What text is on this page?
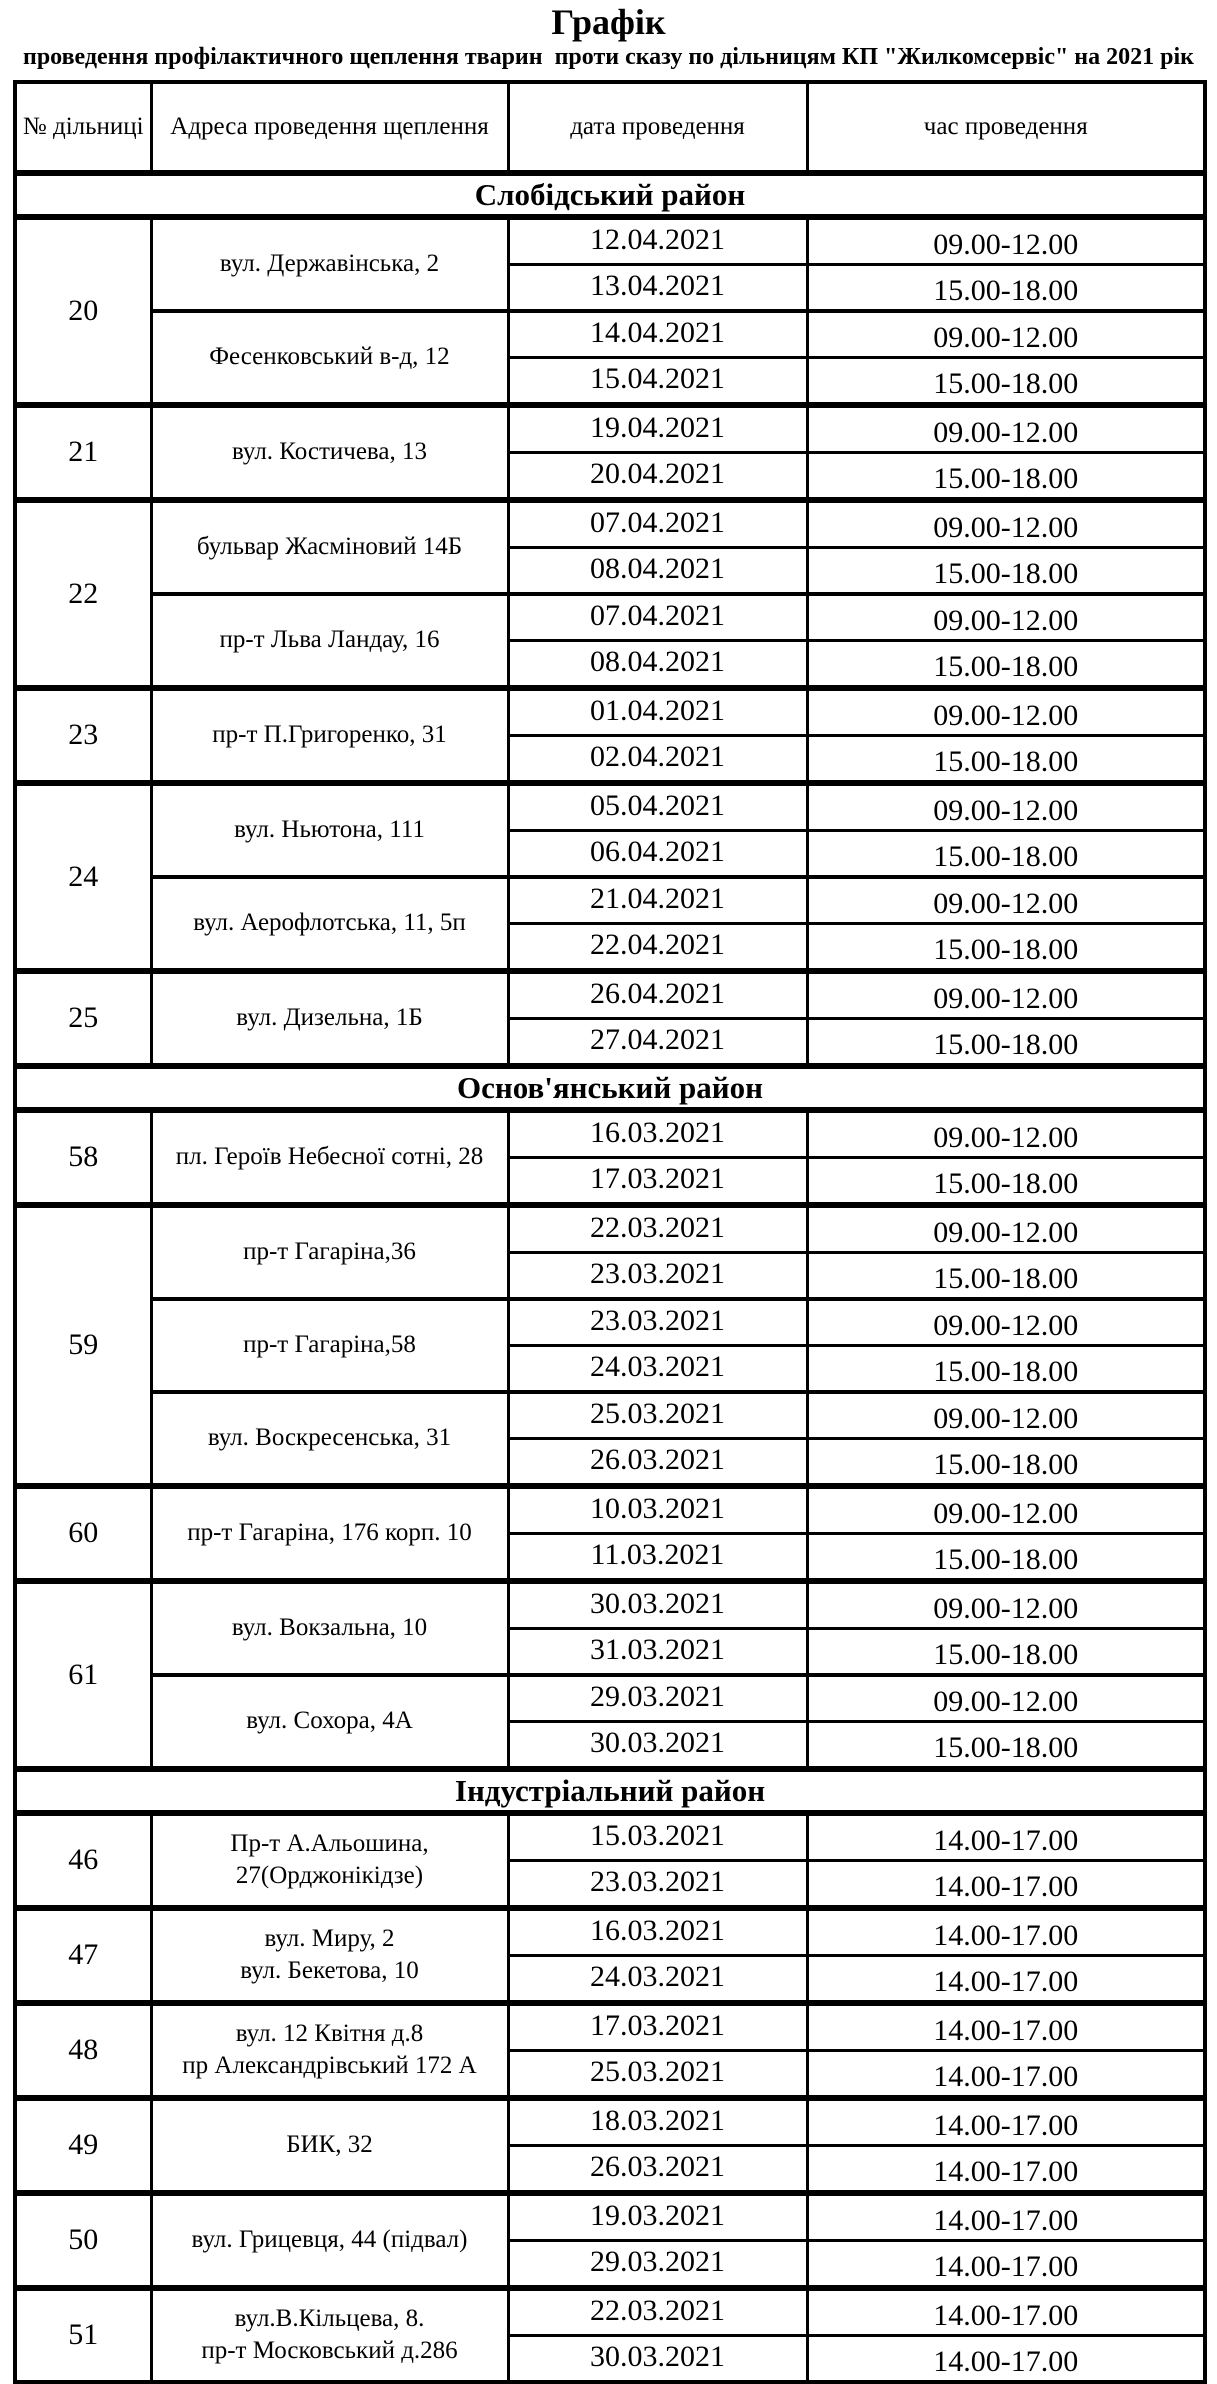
Графік
проведення профілактичного щеплення тварин  проти сказу по дільницям КП "Жилкомсервіс" на 2021 рік
№ дільниці	Адреса проведення щеплення	дата проведення	час проведення
Слобідський район			
20	вул. Державінська, 2	12.04.2021	09.00-12.00
		13.04.2021	15.00-18.00
	Фесенковський в-д, 12	14.04.2021	09.00-12.00
		15.04.2021	15.00-18.00
21	вул. Костичева, 13	19.04.2021	09.00-12.00
		20.04.2021	15.00-18.00
22	бульвар Жасміновий 14Б	07.04.2021	09.00-12.00
		08.04.2021	15.00-18.00
	пр-т Льва Ландау, 16	07.04.2021	09.00-12.00
		08.04.2021	15.00-18.00
23	пр-т П.Григоренко, 31	01.04.2021	09.00-12.00
		02.04.2021	15.00-18.00
24	вул. Ньютона, 111	05.04.2021	09.00-12.00
		06.04.2021	15.00-18.00
	вул. Аерофлотська, 11, 5п	21.04.2021	09.00-12.00
		22.04.2021	15.00-18.00
25	вул. Дизельна, 1Б	26.04.2021	09.00-12.00
		27.04.2021	15.00-18.00
Основ'янський район			
58	пл. Героїв Небесної сотні, 28	16.03.2021	09.00-12.00
		17.03.2021	15.00-18.00
59	пр-т Гагаріна,36	22.03.2021	09.00-12.00
		23.03.2021	15.00-18.00
	пр-т Гагаріна,58	23.03.2021	09.00-12.00
		24.03.2021	15.00-18.00
	вул. Воскресенська, 31	25.03.2021	09.00-12.00
		26.03.2021	15.00-18.00
60	пр-т Гагаріна, 176 корп. 10	10.03.2021	09.00-12.00
		11.03.2021	15.00-18.00
61	вул. Вокзальна, 10	30.03.2021	09.00-12.00
		31.03.2021	15.00-18.00
	вул. Сохора, 4А	29.03.2021	09.00-12.00
		30.03.2021	15.00-18.00
Індустріальний район			
46	Пр-т А.Альошина,
27(Орджонікідзе)	15.03.2021	14.00-17.00
		23.03.2021	14.00-17.00
47	вул. Миру, 2
вул. Бекетова, 10	16.03.2021	14.00-17.00
		24.03.2021	14.00-17.00
48	вул. 12 Квітня д.8
пр Александрівський 172 А	17.03.2021	14.00-17.00
		25.03.2021	14.00-17.00
49	БИК, 32	18.03.2021	14.00-17.00
		26.03.2021	14.00-17.00
50	вул. Грицевця, 44 (підвал)	19.03.2021	14.00-17.00
		29.03.2021	14.00-17.00
51	вул.В.Кільцева, 8.
пр-т Московський д.286	22.03.2021	14.00-17.00
		30.03.2021	14.00-17.00
